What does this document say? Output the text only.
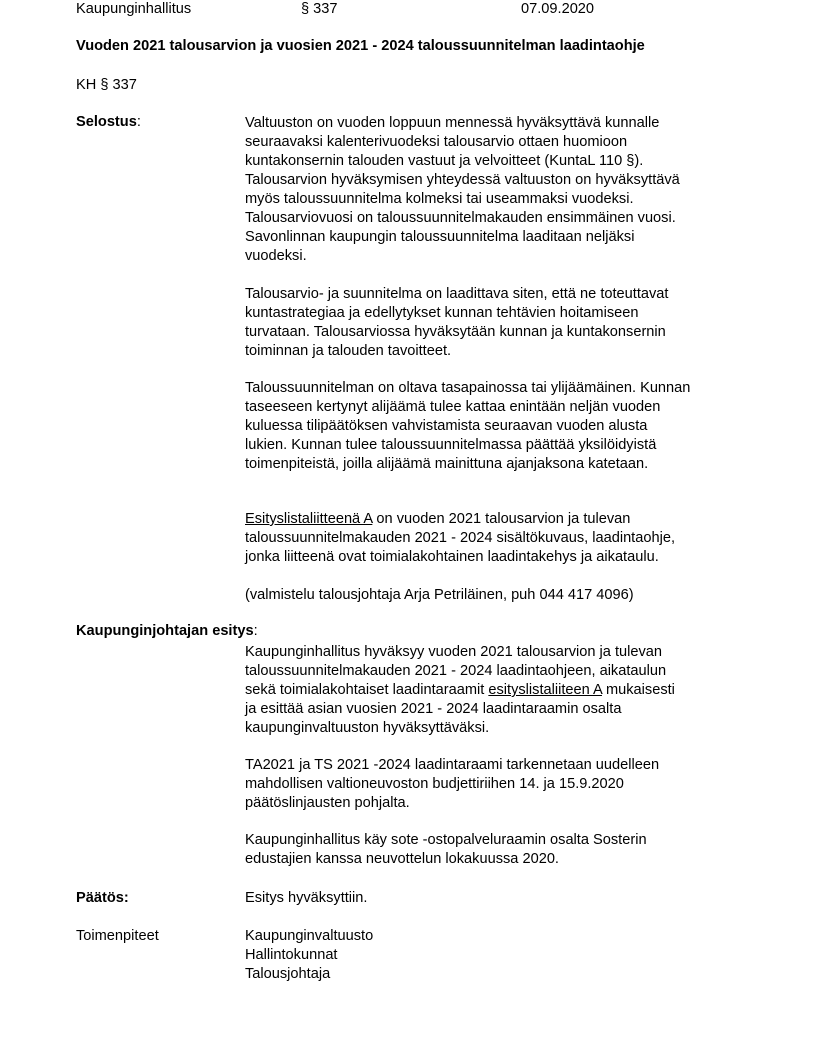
Kaupunginhallitus	§ 337	07.09.2020
Vuoden 2021 talousarvion ja vuosien 2021 - 2024 taloussuunnitelman laadintaohje
KH § 337
Selostus:	Valtuuston on vuoden loppuun mennessä hyväksyttävä kunnalle
seuraavaksi kalenterivuodeksi talousarvio ottaen huomioon
kuntakonsernin talouden vastuut ja velvoitteet (KuntaL 110 §).
Talousarvion hyväksymisen yhteydessä valtuuston on hyväksyttävä
myös taloussuunnitelma kolmeksi tai useammaksi vuodeksi.
Talousarviovuosi on taloussuunnitelmakauden ensimmäinen vuosi.
Savonlinnan kaupungin taloussuunnitelma laaditaan neljäksi
vuodeksi.
Talousarvio- ja suunnitelma on laadittava siten, että ne toteuttavat
kuntastrategiaa ja edellytykset kunnan tehtävien hoitamiseen
turvataan. Talousarviossa hyväksytään kunnan ja kuntakonsernin
toiminnan ja talouden tavoitteet.
Taloussuunnitelman on oltava tasapainossa tai ylijäämäinen. Kunnan
taseeseen kertynyt alijäämä tulee kattaa enintään neljän vuoden
kuluessa tilipäätöksen vahvistamista seuraavan vuoden alusta
lukien. Kunnan tulee taloussuunnitelmassa päättää yksilöidyistä
toimenpiteistä, joilla alijäämä mainittuna ajanjaksona katetaan.
Esityslistaliitteenä A on vuoden 2021 talousarvion ja tulevan
taloussuunnitelmakauden 2021 - 2024 sisältökuvaus, laadintaohje,
jonka liitteenä ovat toimialakohtainen laadintakehys ja aikataulu.
(valmistelu talousjohtaja Arja Petriläinen, puh 044 417 4096)
Kaupunginjohtajan esitys:
Kaupunginhallitus hyväksyy vuoden 2021 talousarvion ja tulevan
taloussuunnitelmakauden 2021 - 2024 laadintaohjeen, aikataulun
sekä toimialakohtaiset laadintaraamit esityslistaliiteen A mukaisesti
ja esittää asian vuosien 2021 - 2024 laadintaraamin osalta
kaupunginvaltuuston hyväksyttäväksi.
TA2021 ja TS 2021 -2024 laadintaraami tarkennetaan uudelleen
mahdollisen valtioneuvoston budjettiriihen 14. ja 15.9.2020
päätöslinjausten pohjalta.
Kaupunginhallitus käy sote -ostopalveluraamin osalta Sosterin
edustajien kanssa neuvottelun lokakuussa 2020.
Päätös:	Esitys hyväksyttiin.
Toimenpiteet	Kaupunginvaltuusto
Hallintokunnat
Talousjohtaja
